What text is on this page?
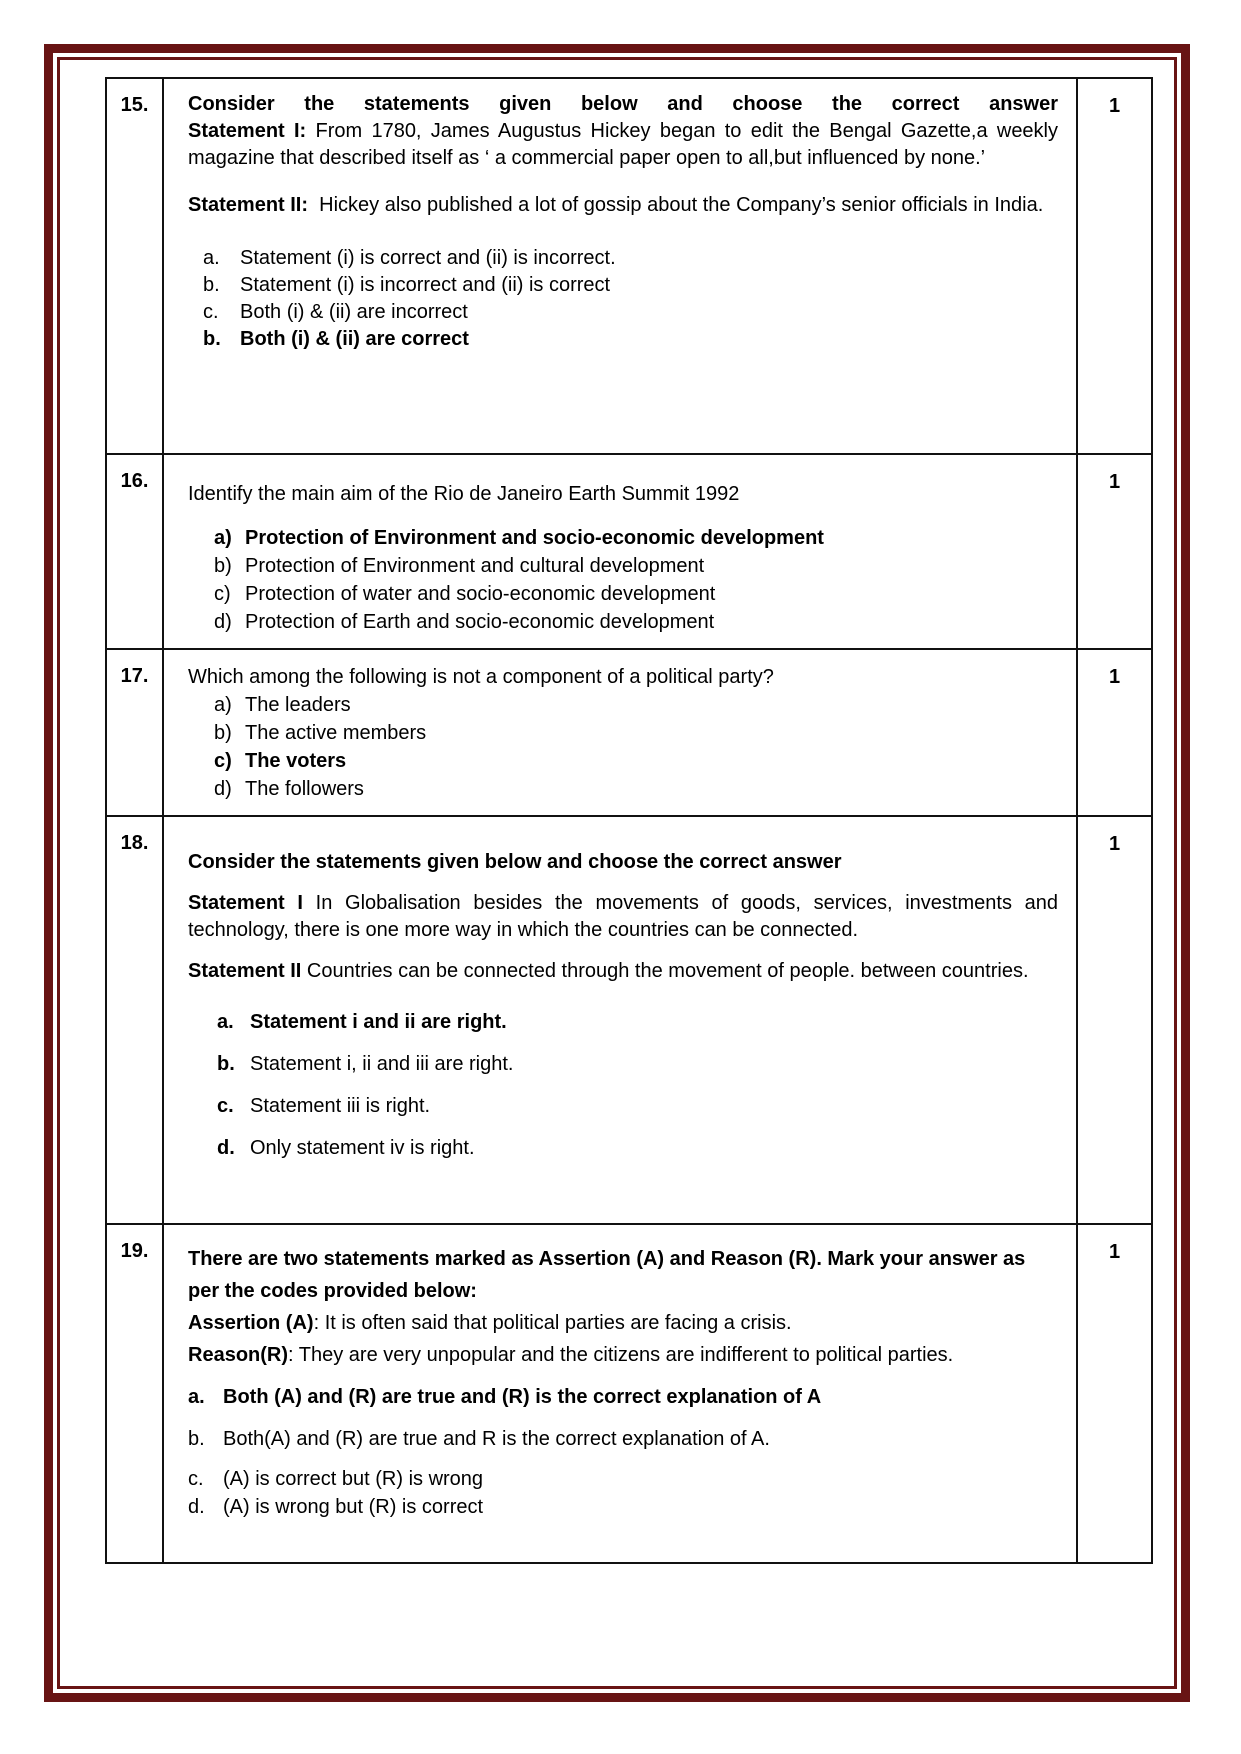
15.	Consider the statements given below and choose the correct answer
Statement I: From 1780, James Augustus Hickey began to edit the Bengal Gazette,a weekly magazine that described itself as ‘ a commercial paper open to all,but influenced by none.’
Statement II: Hickey also published a lot of gossip about the Company’s senior officials in India.
a.	Statement (i) is correct and (ii) is incorrect.
b.	Statement (i) is incorrect and (ii) is correct
c.	Both (i) & (ii) are incorrect
b. Both (i) & (ii) are correct
1
16.
Identify the main aim of the Rio de Janeiro Earth Summit 1992
a) Protection of Environment and socio-economic development
b) Protection of Environment and cultural development
c) Protection of water and socio-economic development
d) Protection of Earth and socio-economic development
1
17.	Which among the following is not a component of a political party?
a) The leaders
b) The active members
c) The voters
d) The followers
1
18.
Consider the statements given below and choose the correct answer
Statement I In Globalisation besides the movements of goods, services, investments and technology, there is one more way in which the countries can be connected.
Statement II Countries can be connected through the movement of people. between countries.
a. Statement i and ii are right.
b. Statement i, ii and iii are right.
c. Statement iii is right.
d. Only statement iv is right.
1
19.	There are two statements marked as Assertion (A) and Reason (R). Mark your answer as per the codes provided below:
Assertion (A): It is often said that political parties are facing a crisis.
Reason(R): They are very unpopular and the citizens are indifferent to political parties.
a. Both (A) and (R) are true and (R) is the correct explanation of A
b. Both(A) and (R) are true and R is the correct explanation of A.
c. (A) is correct but (R) is wrong
d. (A) is wrong but (R) is correct
1
